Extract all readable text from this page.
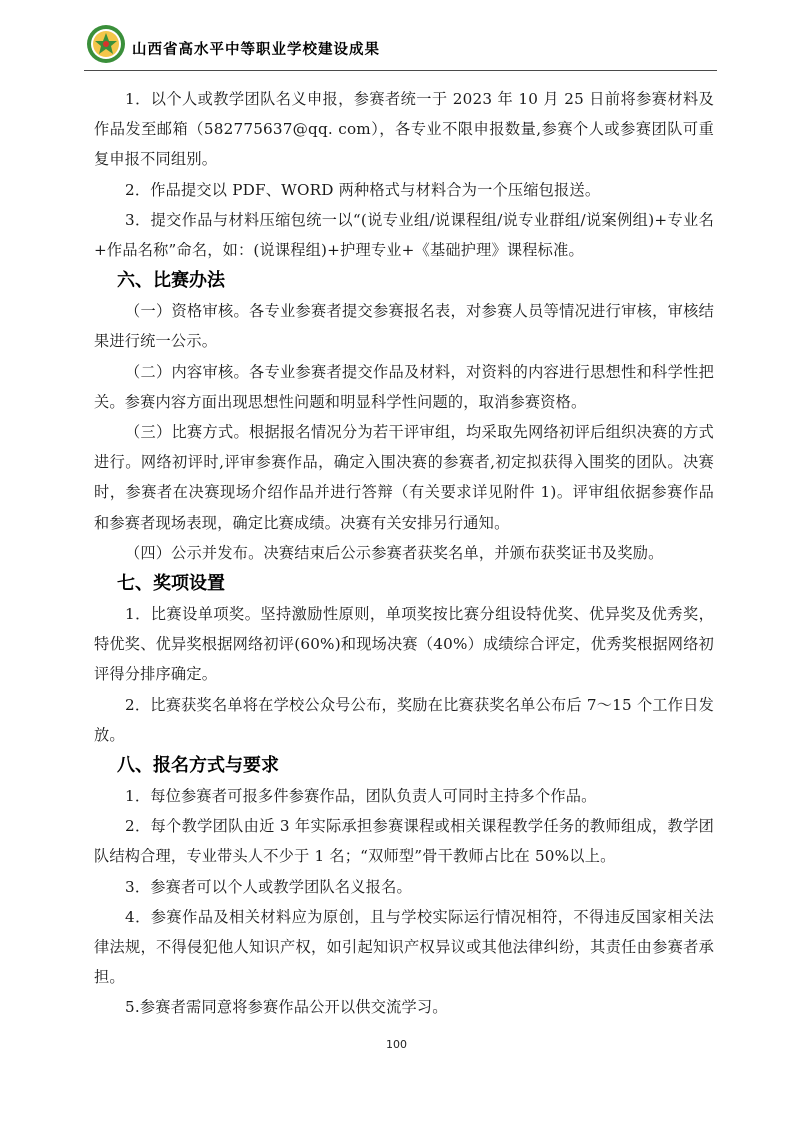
山西省高水平中等职业学校建设成果
1．以个人或教学团队名义申报，参赛者统一于 2023 年 10 月 25 日前将参赛材料及作品发至邮箱（582775637@qq. com），各专业不限申报数量,参赛个人或参赛团队可重复申报不同组别。
2．作品提交以 PDF、WORD 两种格式与材料合为一个压缩包报送。
3．提交作品与材料压缩包统一以“(说专业组/说课程组/说专业群组/说案例组)+专业名+作品名称”命名，如：(说课程组)+护理专业+《基础护理》课程标准。
六、比赛办法
（一）资格审核。各专业参赛者提交参赛报名表，对参赛人员等情况进行审核，审核结果进行统一公示。
（二）内容审核。各专业参赛者提交作品及材料，对资料的内容进行思想性和科学性把关。参赛内容方面出现思想性问题和明显科学性问题的，取消参赛资格。
（三）比赛方式。根据报名情况分为若干评审组，均采取先网络初评后组织决赛的方式进行。网络初评时,评审参赛作品，确定入围决赛的参赛者,初定拟获得入围奖的团队。决赛时，参赛者在决赛现场介绍作品并进行答辩（有关要求详见附件 1)。评审组依据参赛作品和参赛者现场表现，确定比赛成绩。决赛有关安排另行通知。
（四）公示并发布。决赛结束后公示参赛者获奖名单，并颁布获奖证书及奖励。
七、奖项设置
1．比赛设单项奖。坚持激励性原则，单项奖按比赛分组设特优奖、优异奖及优秀奖，特优奖、优异奖根据网络初评(60%)和现场决赛（40%）成绩综合评定，优秀奖根据网络初评得分排序确定。
2．比赛获奖名单将在学校公众号公布，奖励在比赛获奖名单公布后 7～15 个工作日发放。
八、报名方式与要求
1．每位参赛者可报多件参赛作品，团队负责人可同时主持多个作品。
2．每个教学团队由近 3 年实际承担参赛课程或相关课程教学任务的教师组成，教学团队结构合理，专业带头人不少于 1 名；“双师型”骨干教师占比在 50%以上。
3．参赛者可以个人或教学团队名义报名。
4．参赛作品及相关材料应为原创，且与学校实际运行情况相符，不得违反国家相关法律法规，不得侵犯他人知识产权，如引起知识产权异议或其他法律纠纷，其责任由参赛者承担。
5.参赛者需同意将参赛作品公开以供交流学习。
100
